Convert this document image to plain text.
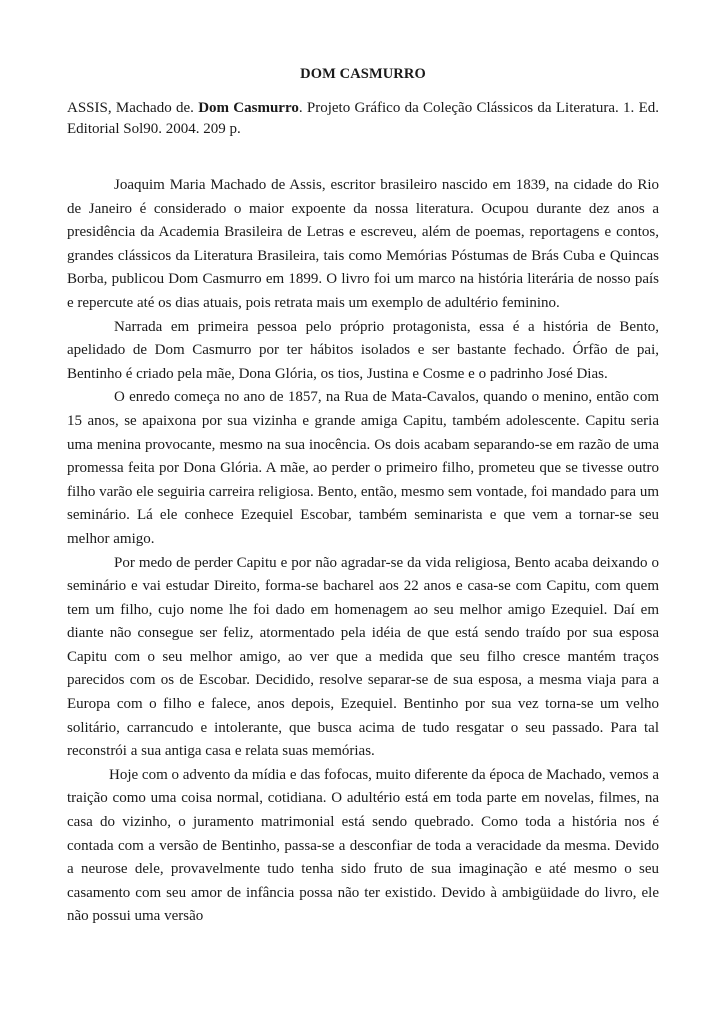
DOM CASMURRO
ASSIS, Machado de. Dom Casmurro. Projeto Gráfico da Coleção Clássicos da Literatura. 1. Ed. Editorial Sol90. 2004. 209 p.

Joaquim Maria Machado de Assis, escritor brasileiro nascido em 1839, na cidade do Rio de Janeiro é considerado o maior expoente da nossa literatura. Ocupou durante dez anos a presidência da Academia Brasileira de Letras e escreveu, além de poemas, reportagens e contos, grandes clássicos da Literatura Brasileira, tais como Memórias Póstumas de Brás Cuba e Quincas Borba, publicou Dom Casmurro em 1899. O livro foi um marco na história literária de nosso país e repercute até os dias atuais, pois retrata mais um exemplo de adultério feminino.

Narrada em primeira pessoa pelo próprio protagonista, essa é a história de Bento, apelidado de Dom Casmurro por ter hábitos isolados e ser bastante fechado. Órfão de pai, Bentinho é criado pela mãe, Dona Glória, os tios, Justina e Cosme e o padrinho José Dias.

O enredo começa no ano de 1857, na Rua de Mata-Cavalos, quando o menino, então com 15 anos, se apaixona por sua vizinha e grande amiga Capitu, também adolescente. Capitu seria uma menina provocante, mesmo na sua inocência. Os dois acabam separando-se em razão de uma promessa feita por Dona Glória. A mãe, ao perder o primeiro filho, prometeu que se tivesse outro filho varão ele seguiria carreira religiosa. Bento, então, mesmo sem vontade, foi mandado para um seminário. Lá ele conhece Ezequiel Escobar, também seminarista e que vem a tornar-se seu melhor amigo.

Por medo de perder Capitu e por não agradar-se da vida religiosa, Bento acaba deixando o seminário e vai estudar Direito, forma-se bacharel aos 22 anos e casa-se com Capitu, com quem tem um filho, cujo nome lhe foi dado em homenagem ao seu melhor amigo Ezequiel. Daí em diante não consegue ser feliz, atormentado pela idéia de que está sendo traído por sua esposa Capitu com o seu melhor amigo, ao ver que a medida que seu filho cresce mantém traços parecidos com os de Escobar. Decidido, resolve separar-se de sua esposa, a mesma viaja para a Europa com o filho e falece, anos depois, Ezequiel. Bentinho por sua vez torna-se um velho solitário, carrancudo e intolerante, que busca acima de tudo resgatar o seu passado. Para tal reconstrói a sua antiga casa e relata suas memórias.

Hoje com o advento da mídia e das fofocas, muito diferente da época de Machado, vemos a traição como uma coisa normal, cotidiana. O adultério está em toda parte em novelas, filmes, na casa do vizinho, o juramento matrimonial está sendo quebrado. Como toda a história nos é contada com a versão de Bentinho, passa-se a desconfiar de toda a veracidade da mesma. Devido a neurose dele, provavelmente tudo tenha sido fruto de sua imaginação e até mesmo o seu casamento com seu amor de infância possa não ter existido. Devido à ambigüidade do livro, ele não possui uma versão
